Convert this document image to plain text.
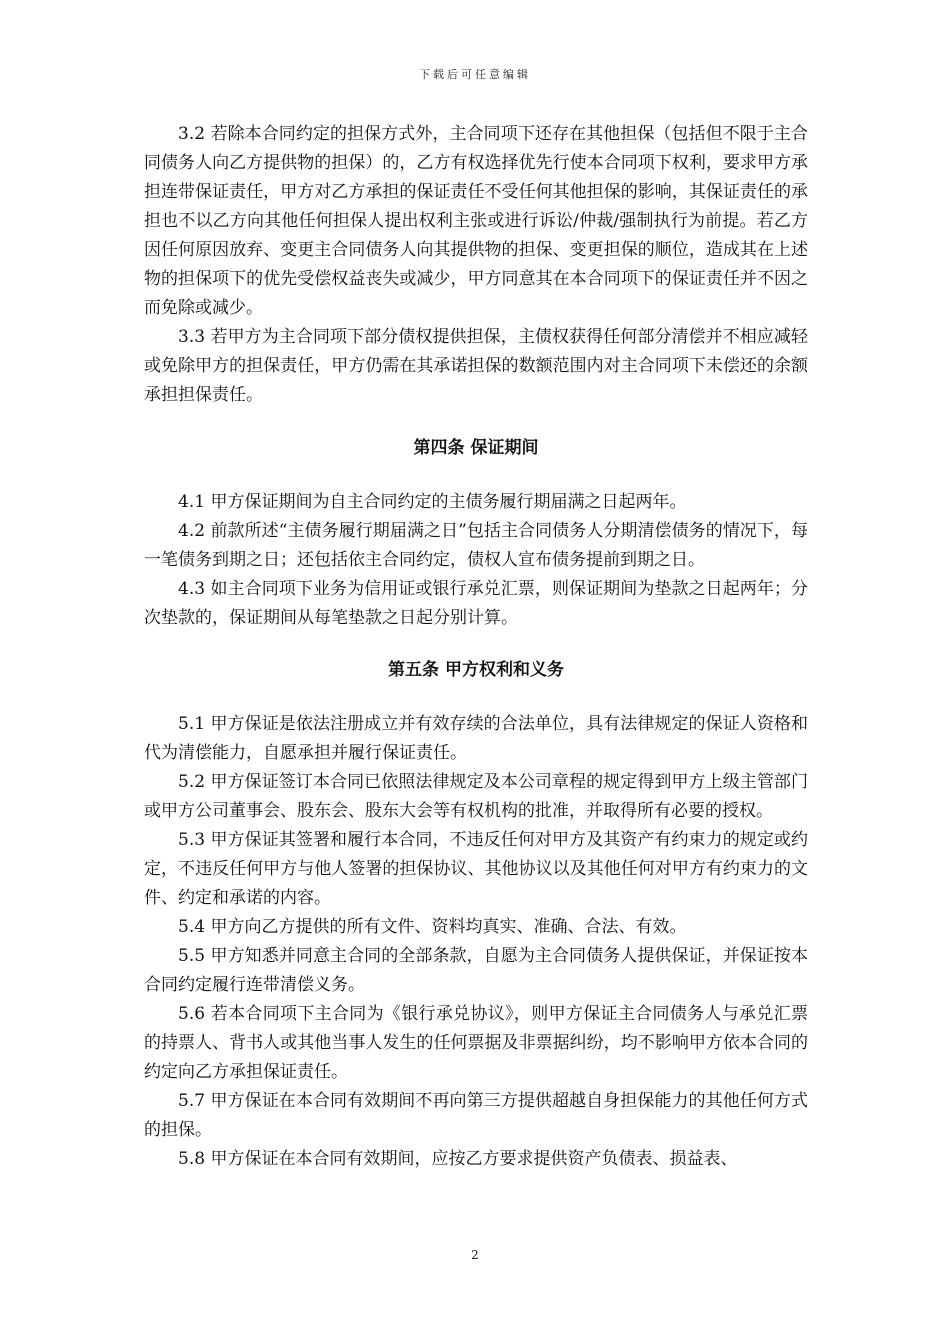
下载后可任意编辑

3.2 若除本合同约定的担保方式外，主合同项下还存在其他担保（包括但不限于主合同债务人向乙方提供物的担保）的，乙方有权选择优先行使本合同项下权利，要求甲方承担连带保证责任，甲方对乙方承担的保证责任不受任何其他担保的影响，其保证责任的承担也不以乙方向其他任何担保人提出权利主张或进行诉讼/仲裁/强制执行为前提。若乙方因任何原因放弃、变更主合同债务人向其提供物的担保、变更担保的顺位，造成其在上述物的担保项下的优先受偿权益丧失或减少，甲方同意其在本合同项下的保证责任并不因之而免除或减少。

3.3 若甲方为主合同项下部分债权提供担保，主债权获得任何部分清偿并不相应减轻或免除甲方的担保责任，甲方仍需在其承诺担保的数额范围内对主合同项下未偿还的余额承担担保责任。

第四条 保证期间

4.1 甲方保证期间为自主合同约定的主债务履行期届满之日起两年。

4.2 前款所述“主债务履行期届满之日”包括主合同债务人分期清偿债务的情况下，每一笔债务到期之日；还包括依主合同约定，债权人宣布债务提前到期之日。

4.3 如主合同项下业务为信用证或银行承兑汇票，则保证期间为垫款之日起两年；分次垫款的，保证期间从每笔垫款之日起分别计算。

第五条 甲方权利和义务

5.1 甲方保证是依法注册成立并有效存续的合法单位，具有法律规定的保证人资格和代为清偿能力，自愿承担并履行保证责任。

5.2 甲方保证签订本合同已依照法律规定及本公司章程的规定得到甲方上级主管部门或甲方公司董事会、股东会、股东大会等有权机构的批准，并取得所有必要的授权。

5.3 甲方保证其签署和履行本合同，不违反任何对甲方及其资产有约束力的规定或约定，不违反任何甲方与他人签署的担保协议、其他协议以及其他任何对甲方有约束力的文件、约定和承诺的内容。

5.4 甲方向乙方提供的所有文件、资料均真实、准确、合法、有效。

5.5 甲方知悉并同意主合同的全部条款，自愿为主合同债务人提供保证，并保证按本合同约定履行连带清偿义务。

5.6 若本合同项下主合同为《银行承兑协议》，则甲方保证主合同债务人与承兑汇票的持票人、背书人或其他当事人发生的任何票据及非票据纠纷，均不影响甲方依本合同的约定向乙方承担保证责任。

5.7 甲方保证在本合同有效期间不再向第三方提供超越自身担保能力的其他任何方式的担保。

5.8 甲方保证在本合同有效期间，应按乙方要求提供资产负债表、损益表、

2
